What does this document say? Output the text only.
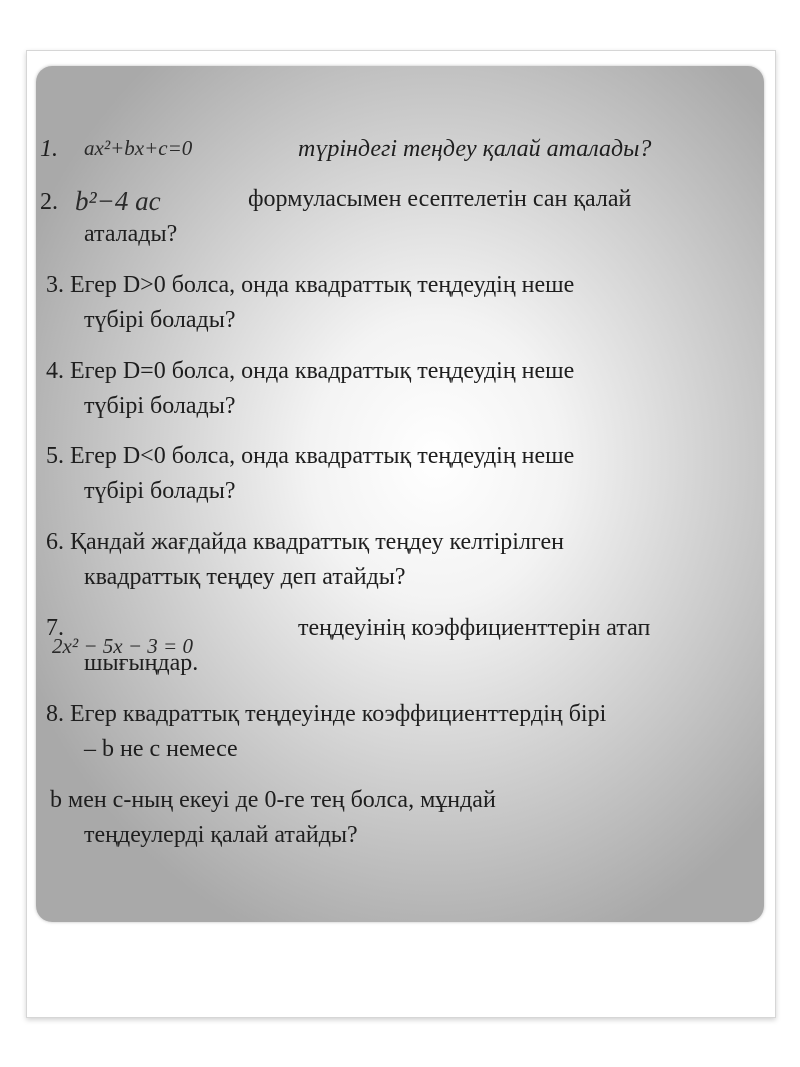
1. ax²+bx+c=0	түріндегі теңдеу қалай аталады?
2. b²−4 ac	формуласымен есептелетін сан қалай
аталады?
3. Егер D>0 болса, онда квадраттық теңдеудің неше
түбірі болады?
4. Егер D=0 болса, онда квадраттық теңдеудің неше
түбірі болады?
5. Егер D<0 болса, онда квадраттық теңдеудің неше
түбірі болады?
6. Қандай жағдайда квадраттық теңдеу келтірілген
квадраттық теңдеу деп атайды?
7.
2x² − 5x − 3 = 0
теңдеуінің коэффициенттерін атап
шығыңдар.
8. Егер квадраттық теңдеуінде коэффициенттердің бірі
– b не с немесе
b мен с-ның екеуі де 0-ге тең болса, мұндай
теңдеулерді қалай атайды?
